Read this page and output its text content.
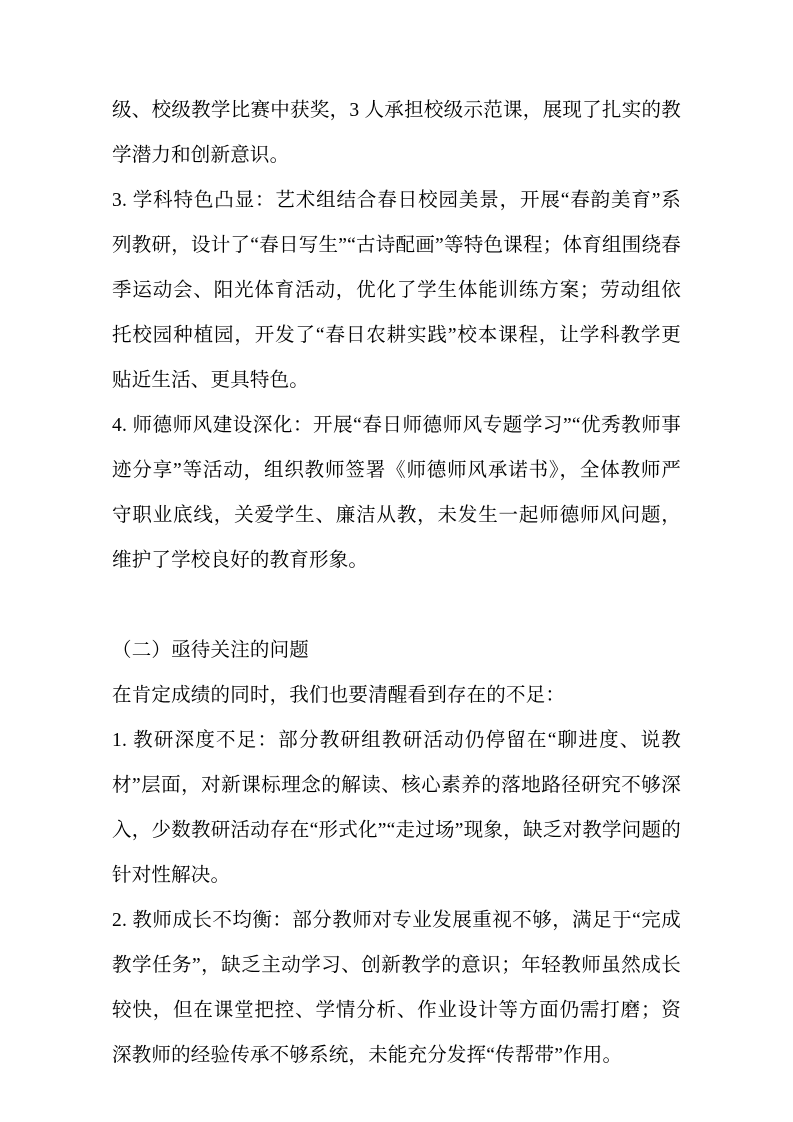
级、校级教学比赛中获奖，3 人承担校级示范课，展现了扎实的教学潜力和创新意识。

3. 学科特色凸显：艺术组结合春日校园美景，开展“春韵美育”系列教研，设计了“春日写生”“古诗配画”等特色课程；体育组围绕春季运动会、阳光体育活动，优化了学生体能训练方案；劳动组依托校园种植园，开发了“春日农耕实践”校本课程，让学科教学更贴近生活、更具特色。

4. 师德师风建设深化：开展“春日师德师风专题学习”“优秀教师事迹分享”等活动，组织教师签署《师德师风承诺书》，全体教师严守职业底线，关爱学生、廉洁从教，未发生一起师德师风问题，维护了学校良好的教育形象。

（二）亟待关注的问题

在肯定成绩的同时，我们也要清醒看到存在的不足：

1. 教研深度不足：部分教研组教研活动仍停留在“聊进度、说教材”层面，对新课标理念的解读、核心素养的落地路径研究不够深入，少数教研活动存在“形式化”“走过场”现象，缺乏对教学问题的针对性解决。

2. 教师成长不均衡：部分教师对专业发展重视不够，满足于“完成教学任务”，缺乏主动学习、创新教学的意识；年轻教师虽然成长较快，但在课堂把控、学情分析、作业设计等方面仍需打磨；资深教师的经验传承不够系统，未能充分发挥“传帮带”作用。
